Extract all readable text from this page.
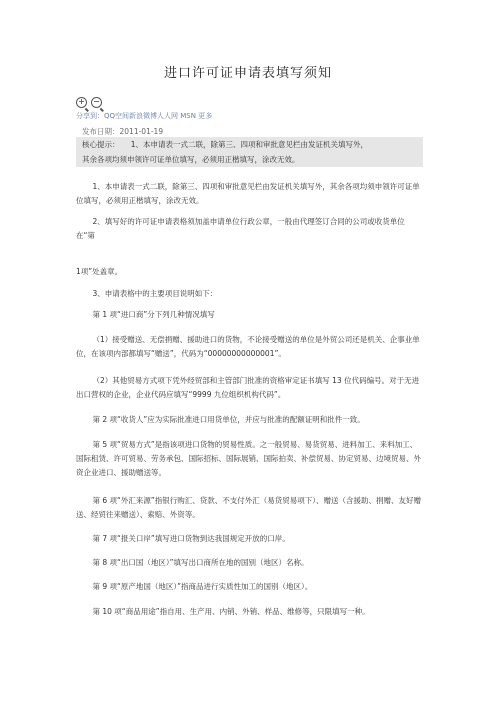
进口许可证申请表填写须知
+ −
分享到：QQ空间新浪微博人人网 MSN 更多
发布日期：2011-01-19
核心提示：　　1、本申请表一式二联，除第三、四项和审批意见栏由发证机关填写外，
其余各项均须申领许可证单位填写，必须用正楷填写，涂改无效。

1、本申请表一式二联，除第三、四项和审批意见栏由发证机关填写外，其余各项均须申领许可证单位填写，必须用正楷填写，涂改无效。

2、填写好的许可证申请表格须加盖申请单位行政公章，一般由代理签订合同的公司或收货单位在“第

1项”处盖章。

3、申请表格中的主要项目说明如下：

第 1 项“进口商”分下列几种情况填写

（1）接受赠送、无偿捐赠、援助进口的货物，不论接受赠送的单位是外贸公司还是机关、企事业单位，在该项内部都填写“赠送”，代码为“00000000000001”。

（2）其他贸易方式项下凭外经贸部和主管部门批准的资格审定证书填写 13 位代码编号。对于无进出口营权的企业，企业代码应填写“9999 九位组织机构代码”。

第 2 项“收货人”应为实际批准进口用货单位，并应与批准的配额证明和批件一致。

第 5 项“贸易方式”是指该项进口货物的贸易性质。之一般贸易、易货贸易、进料加工、来料加工、国际租赁、许可贸易、劳务承包、国际招标、国际展销、国际拍卖、补偿贸易、协定贸易、边境贸易、外资企业进口、援助赠送等。

第 6 项“外汇来源”指银行购汇、贷款、不支付外汇（易货贸易项下）、赠送（含援助、捐赠、友好赠送、经贸往来赠送）、索赔、外资等。

第 7 项“报关口岸”填写进口货物到达我国规定开放的口岸。

第 8 项“出口国（地区）”填写出口商所在地的国别（地区）名称。

第 9 项“原产地国（地区）”指商品进行实质性加工的国别（地区）。

第 10 项“商品用途”指自用、生产用、内销、外销、样品、维修等，只限填写一种。
